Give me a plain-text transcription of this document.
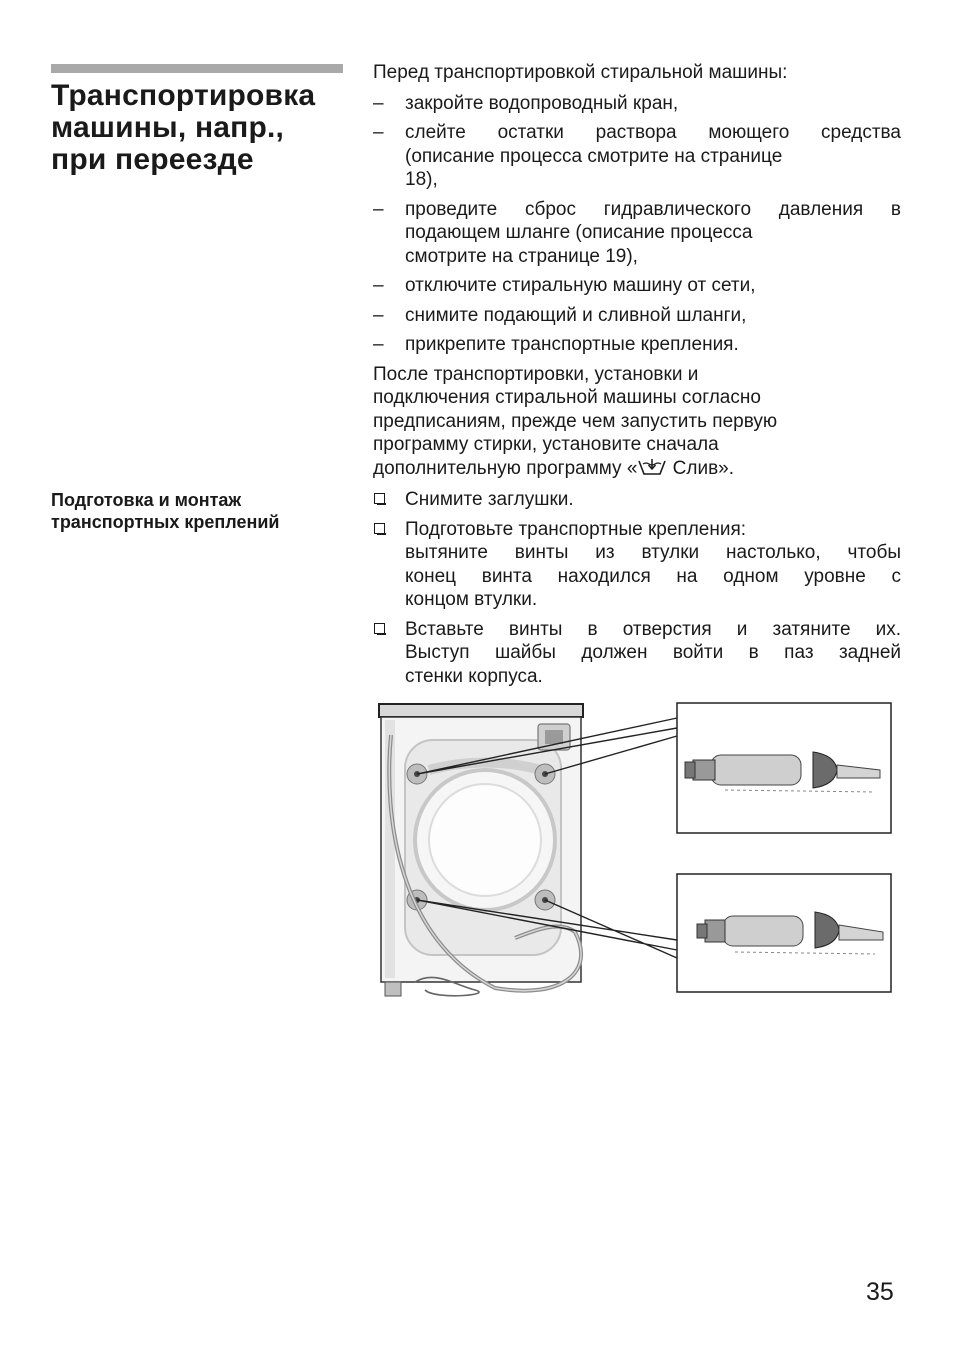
Транспортировка
машины, напр.,
при переезде

Перед транспортировкой стиральной машины:

– закройте водопроводный кран,
– слейте остатки раствора моющего средства
(описание процесса смотрите на странице
18),
– проведите сброс гидравлического давления в
подающем шланге (описание процесса
смотрите на странице 19),
– отключите стиральную машину от сети,
– снимите подающий и сливной шланги,
– прикрепите транспортные крепления.

После транспортировки, установки и
подключения стиральной машины согласно
предписаниям, прежде чем запустить первую
программу стирки, установите сначала
дополнительную программу « Слив».

Подготовка и монтаж
транспортных креплений
Снимите заглушки.
Подготовьте транспортные крепления:
вытяните винты из втулки настолько, чтобы
конец винта находился на одном уровне с
концом втулки.
Вставьте винты в отверстия и затяните их.
Выступ шайбы должен войти в паз задней
стенки корпуса.
35
